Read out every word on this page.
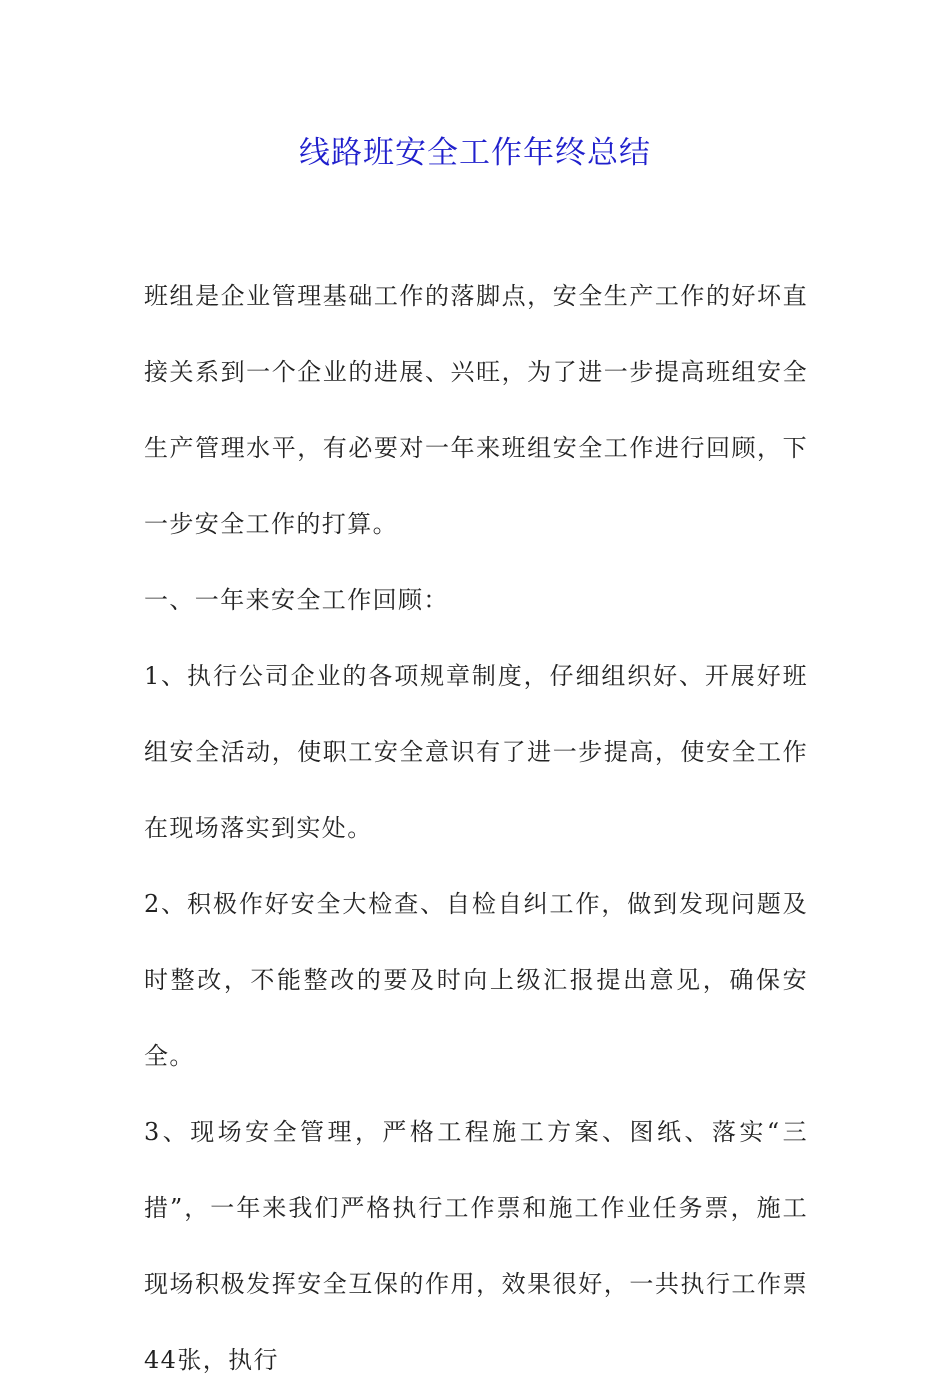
线路班安全工作年终总结

班组是企业管理基础工作的落脚点，安全生产工作的好坏直接关系到一个企业的进展、兴旺，为了进一步提高班组安全生产管理水平，有必要对一年来班组安全工作进行回顾，下一步安全工作的打算。

一、一年来安全工作回顾：

1、执行公司企业的各项规章制度，仔细组织好、开展好班组安全活动，使职工安全意识有了进一步提高，使安全工作在现场落实到实处。

2、积极作好安全大检查、自检自纠工作，做到发现问题及时整改，不能整改的要及时向上级汇报提出意见，确保安全。

3、现场安全管理，严格工程施工方案、图纸、落实“三措”，一年来我们严格执行工作票和施工作业任务票，施工现场积极发挥安全互保的作用，效果很好，一共执行工作票44张，执行
